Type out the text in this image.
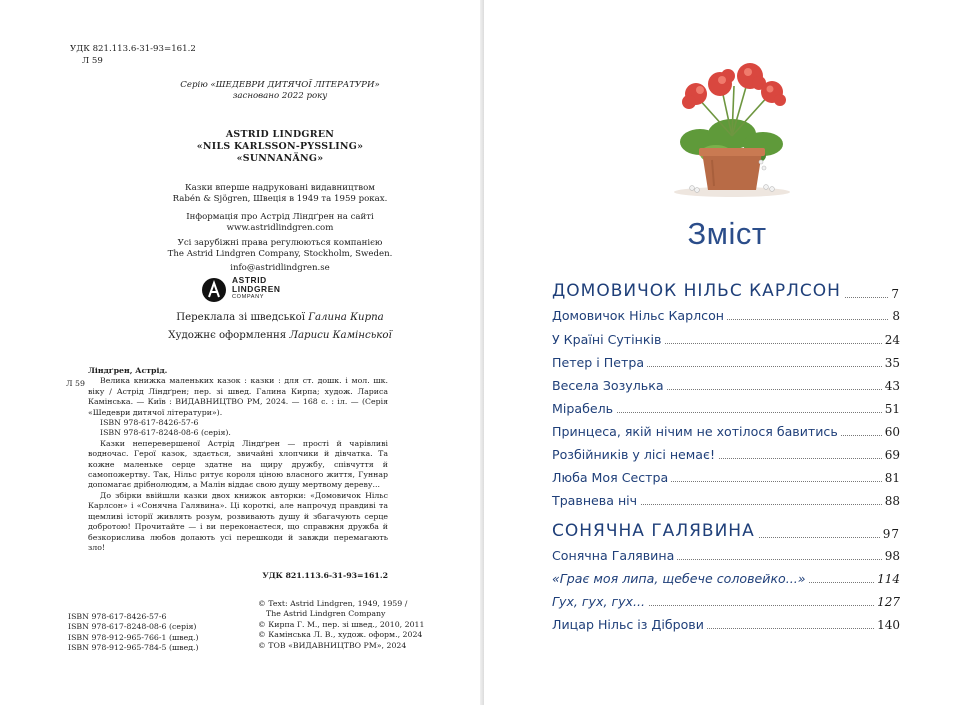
УДК 821.113.6-31-93=161.2
Л 59
Серію «ШЕДЕВРИ ДИТЯЧОЇ ЛІТЕРАТУРИ»
засновано 2022 року
ASTRID LINDGREN
«NILS KARLSSON-PYSSLING»
«SUNNANÄNG»
Казки вперше надруковані видавництвом
Rabén & Sjögren, Швеція в 1949 та 1959 роках.
Інформація про Астрід Ліндґрен на сайті
www.astridlindgren.com
Усі зарубіжні права регулюються компанією
The Astrid Lindgren Company, Stockholm, Sweden.
info@astridlindgren.se
ASTRID
LINDGREN
COMPANY
Переклала зі шведської Галина Кирпа
Художнє оформлення Лариси Камінської
Л 59

Ліндґрен, Астрід.

Велика книжка маленьких казок : казки : для ст. дошк. і мол. шк. віку / Астрід Ліндґрен; пер. зі швед. Галина Кирпа; худож. Лариса Камінська. — Київ : ВИДАВНИЦТВО РМ, 2024. — 168 с. : іл. — (Серія «Шедеври дитячої літератури»).

ISBN 978-617-8426-57-6

ISBN 978-617-8248-08-6 (серія).

Казки неперевершеної Астрід Ліндґрен — прості й чарівливі водночас. Герої казок, здається, звичайні хлопчики й дівчатка. Та кожне маленьке серце здатне на щиру дружбу, співчуття й самопожертву. Так, Нільс рятує короля ціною власного життя, Гуннар допомагає дрібнолюдям, а Малін віддає свою душу мертвому дереву...

До збірки ввійшли казки двох книжок авторки: «Домовичок Нільс Карлсон» і «Сонячна Галявина». Ці короткі, але напрочуд правдиві та щемливі історії живлять розум, розвивають душу й збагачують серце добротою! Прочитайте — і ви переконаєтеся, що справжня дружба й безкорислива любов долають усі перешкоди й завжди перемагають зло!

УДК 821.113.6-31-93=161.2
ISBN 978-617-8426-57-6
ISBN 978-617-8248-08-6 (серія)
ISBN 978-912-965-766-1 (швед.)
ISBN 978-912-965-784-5 (швед.)
© Text: Astrid Lindgren, 1949, 1959 /
The Astrid Lindgren Company
© Кирпа Г. М., пер. зі швед., 2010, 2011
© Камінська Л. В., худож. оформ., 2024
© ТОВ «ВИДАВНИЦТВО РМ», 2024
Зміст
ДОМОВИЧОК НІЛЬС КАРЛСОН	7
Домовичок Нільс Карлсон	8
У Країні Сутінків	24
Петер і Петра	35
Весела Зозулька	43
Мірабель	51
Принцеса, якій нічим не хотілося бавитись	60
Розбійників у лісі немає!	69
Люба Моя Сестра	81
Травнева ніч	88
СОНЯЧНА ГАЛЯВИНА	97
Сонячна Галявина	98
«Грає моя липа, щебече соловейко...»	114
Гух, гух, гух...	127
Лицар Нільс із Діброви	140
